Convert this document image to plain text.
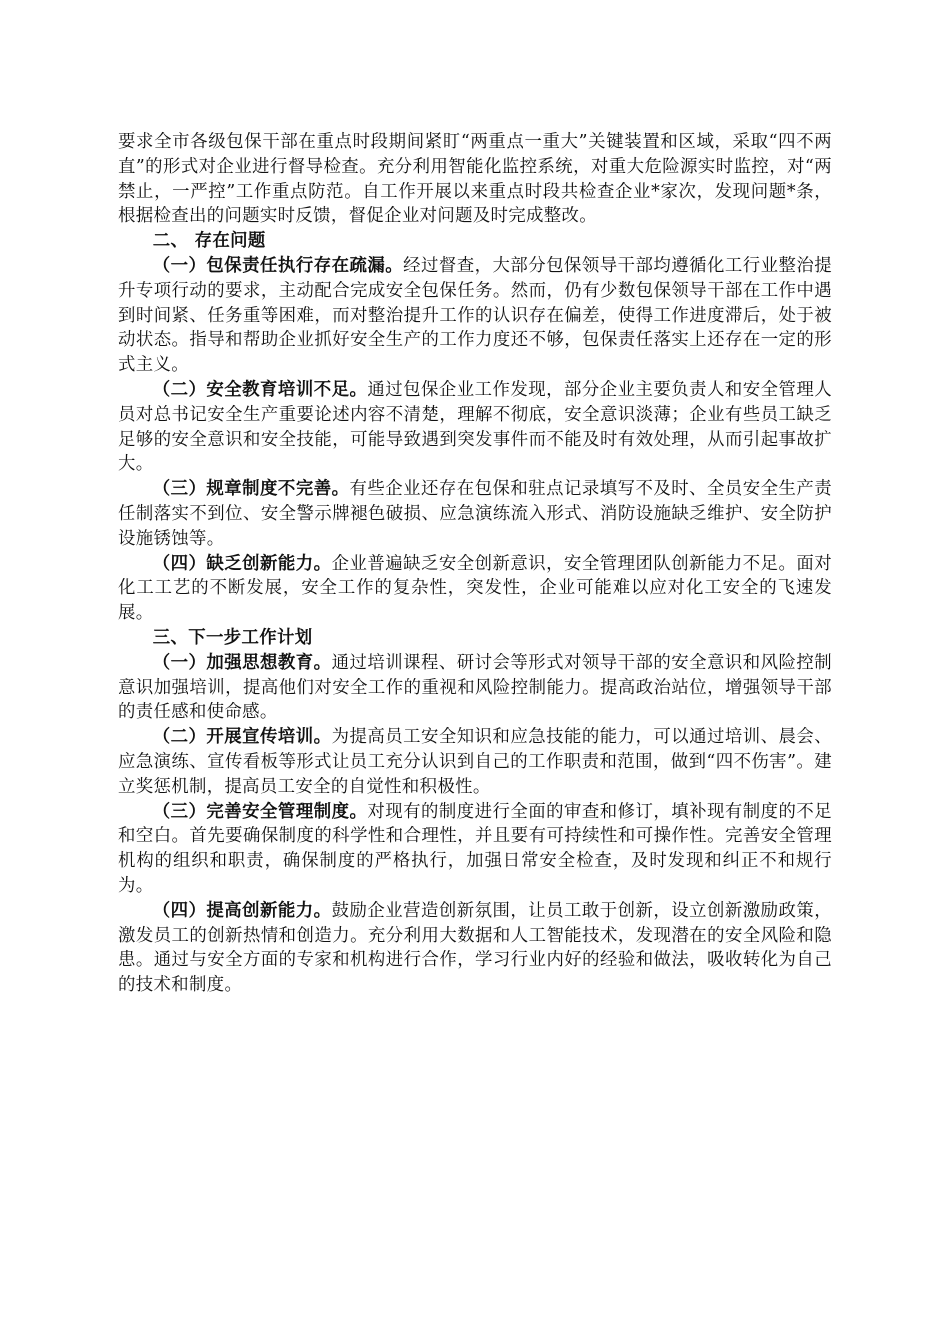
要求全市各级包保干部在重点时段期间紧盯“两重点一重大”关键装置和区域，采取“四不两直”的形式对企业进行督导检查。充分利用智能化监控系统，对重大危险源实时监控，对“两禁止，一严控”工作重点防范。自工作开展以来重点时段共检查企业*家次，发现问题*条，根据检查出的问题实时反馈，督促企业对问题及时完成整改。

二、 存在问题

（一）包保责任执行存在疏漏。经过督查，大部分包保领导干部均遵循化工行业整治提升专项行动的要求，主动配合完成安全包保任务。然而，仍有少数包保领导干部在工作中遇到时间紧、任务重等困难，而对整治提升工作的认识存在偏差，使得工作进度滞后，处于被动状态。指导和帮助企业抓好安全生产的工作力度还不够，包保责任落实上还存在一定的形式主义。

（二）安全教育培训不足。通过包保企业工作发现，部分企业主要负责人和安全管理人员对总书记安全生产重要论述内容不清楚，理解不彻底，安全意识淡薄；企业有些员工缺乏足够的安全意识和安全技能，可能导致遇到突发事件而不能及时有效处理，从而引起事故扩大。

（三）规章制度不完善。有些企业还存在包保和驻点记录填写不及时、全员安全生产责任制落实不到位、安全警示牌褪色破损、应急演练流入形式、消防设施缺乏维护、安全防护设施锈蚀等。

（四）缺乏创新能力。企业普遍缺乏安全创新意识，安全管理团队创新能力不足。面对化工工艺的不断发展，安全工作的复杂性，突发性，企业可能难以应对化工安全的飞速发展。

三、下一步工作计划

（一）加强思想教育。通过培训课程、研讨会等形式对领导干部的安全意识和风险控制意识加强培训，提高他们对安全工作的重视和风险控制能力。提高政治站位，增强领导干部的责任感和使命感。

（二）开展宣传培训。为提高员工安全知识和应急技能的能力，可以通过培训、晨会、应急演练、宣传看板等形式让员工充分认识到自己的工作职责和范围，做到“四不伤害”。建立奖惩机制，提高员工安全的自觉性和积极性。

（三）完善安全管理制度。对现有的制度进行全面的审查和修订，填补现有制度的不足和空白。首先要确保制度的科学性和合理性，并且要有可持续性和可操作性。完善安全管理机构的组织和职责，确保制度的严格执行，加强日常安全检查，及时发现和纠正不和规行为。

（四）提高创新能力。鼓励企业营造创新氛围，让员工敢于创新，设立创新激励政策，激发员工的创新热情和创造力。充分利用大数据和人工智能技术，发现潜在的安全风险和隐患。通过与安全方面的专家和机构进行合作，学习行业内好的经验和做法，吸收转化为自己的技术和制度。
